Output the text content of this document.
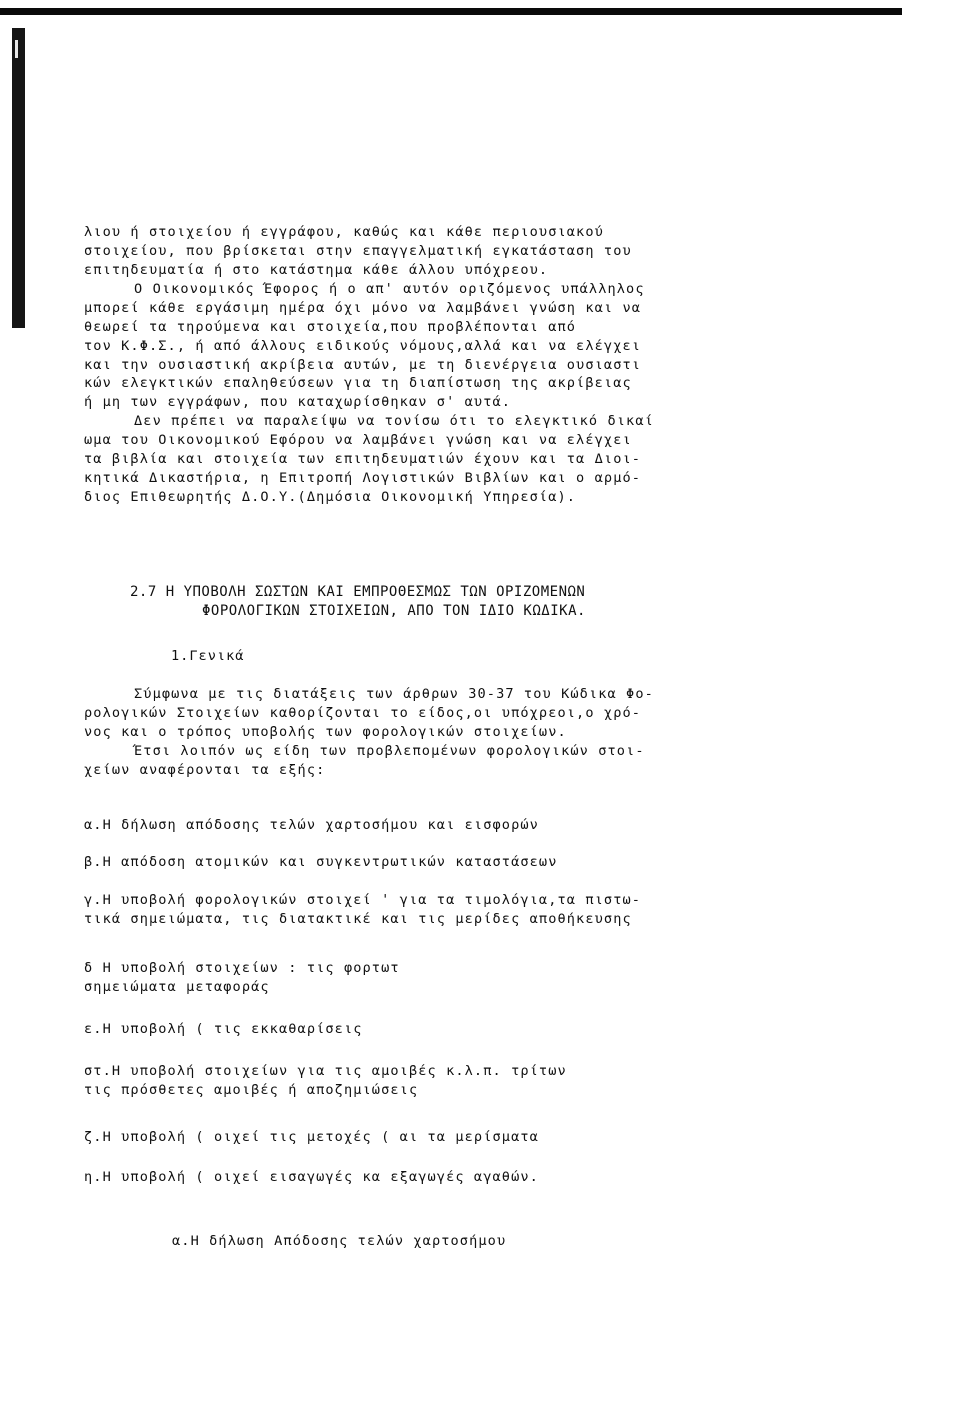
λιου ή στοιχείου ή εγγράφου, καθώς και κάθε περιουσιακού
στοιχείου, που βρίσκεται στην επαγγελματική εγκατάσταση του
επιτηδευματία ή στο κατάστημα κάθε άλλου υπόχρεου.
Ο Οικονομικός Έφορος ή ο απ' αυτόν οριζόμενος υπάλληλος
μπορεί κάθε εργάσιμη ημέρα όχι μόνο να λαμβάνει γνώση και να
θεωρεί τα τηρούμενα και στοιχεία,που προβλέπονται από
τον Κ.Φ.Σ., ή από άλλους ειδικούς νόμους,αλλά και να ελέγχει
και την ουσιαστική ακρίβεια αυτών, με τη διενέργεια ουσιαστι
κών ελεγκτικών επαληθεύσεων για τη διαπίστωση της ακρίβειας
ή μη των εγγράφων, που καταχωρίσθηκαν σ' αυτά.
Δεν πρέπει να παραλείψω να τονίσω ότι το ελεγκτικό δικαί
ωμα του Οικονομικού Εφόρου να λαμβάνει γνώση και να ελέγχει
τα βιβλία και στοιχεία των επιτηδευματιών έχουν και τα Διοι-
κητικά Δικαστήρια, η Επιτροπή Λογιστικών Βιβλίων και ο αρμό-
διος Επιθεωρητής Δ.Ο.Υ.(Δημόσια Οικονομική Υπηρεσία).
2.7 Η ΥΠΟΒΟΛΗ ΣΩΣΤΩΝ ΚΑΙ ΕΜΠΡΟΘΕΣΜΩΣ ΤΩΝ ΟΡΙΖΟΜΕΝΩΝ
ΦΟΡΟΛΟΓΙΚΩΝ ΣΤΟΙΧΕΙΩΝ, ΑΠΟ ΤΟΝ ΙΔΙΟ ΚΩΔΙΚΑ.
1.Γενικά
Σύμφωνα με τις διατάξεις των άρθρων 30-37 του Κώδικα Φο-
ρολογικών Στοιχείων καθορίζονται το είδος,οι υπόχρεοι,ο χρό-
νος και ο τρόπος υποβολής των φορολογικών στοιχείων.
Έτσι λοιπόν ως είδη των προβλεπομένων φορολογικών στοι-
χείων αναφέρονται τα εξής:
α.Η δήλωση απόδοσης τελών χαρτοσήμου και εισφορών
β.Η απόδοση ατομικών και συγκεντρωτικών καταστάσεων
γ.Η υποβολή φορολογικών στοιχεί ' για τα τιμολόγια,τα πιστω-
τικά σημειώματα, τις διατακτικέ και τις μερίδες αποθήκευσης
δ Η υποβολή στοιχείων : τις φορτωτ
σημειώματα μεταφοράς
ε.Η υποβολή ( τις εκκαθαρίσεις
στ.Η υποβολή στοιχείων για τις αμοιβές κ.λ.π. τρίτων
τις πρόσθετες αμοιβές ή αποζημιώσεις
ζ.Η υποβολή ( οιχεί τις μετοχές ( αι τα μερίσματα
η.Η υποβολή ( οιχεί εισαγωγές κα εξαγωγές αγαθών.
α.Η δήλωση Απόδοσης τελών χαρτοσήμου
